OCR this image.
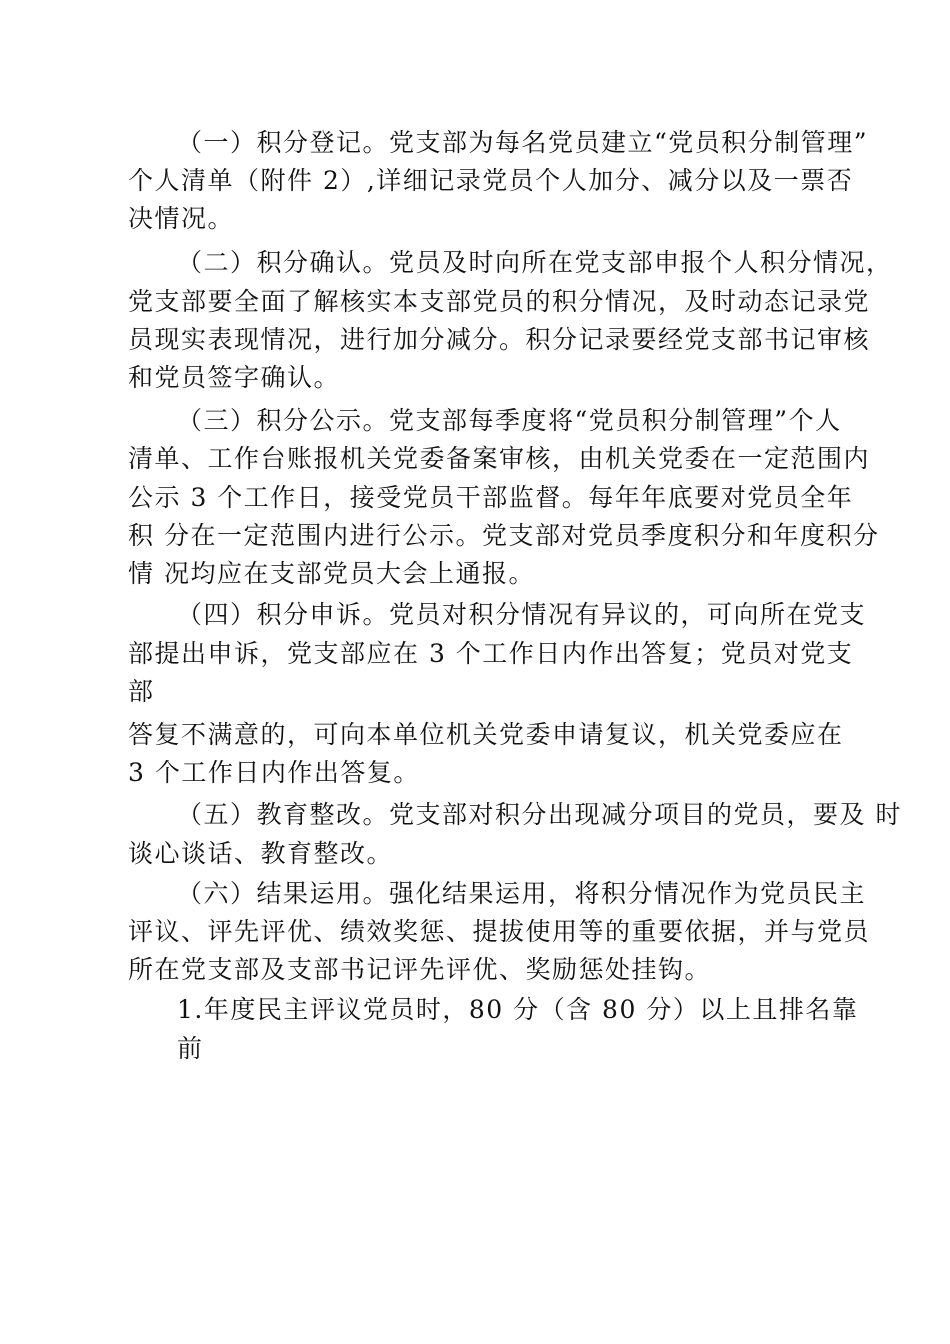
（一）积分登记。党支部为每名党员建立“党员积分制管理”
个人清单（附件 2）,详细记录党员个人加分、减分以及一票否
决情况。
（二）积分确认。党员及时向所在党支部申报个人积分情况，
党支部要全面了解核实本支部党员的积分情况，及时动态记录党
员现实表现情况，进行加分减分。积分记录要经党支部书记审核
和党员签字确认。
（三）积分公示。党支部每季度将“党员积分制管理”个人
清单、工作台账报机关党委备案审核，由机关党委在一定范围内
公示 3 个工作日，接受党员干部监督。每年年底要对党员全年
积 分在一定范围内进行公示。党支部对党员季度积分和年度积分
情 况均应在支部党员大会上通报。
（四）积分申诉。党员对积分情况有异议的，可向所在党支
部提出申诉，党支部应在 3 个工作日内作出答复；党员对党支
部
答复不满意的，可向本单位机关党委申请复议，机关党委应在
3 个工作日内作出答复。
（五）教育整改。党支部对积分出现减分项目的党员，要及 时
谈心谈话、教育整改。
（六）结果运用。强化结果运用，将积分情况作为党员民主
评议、评先评优、绩效奖惩、提拔使用等的重要依据，并与党员
所在党支部及支部书记评先评优、奖励惩处挂钩。
1.年度民主评议党员时，80 分（含 80 分）以上且排名靠
前
